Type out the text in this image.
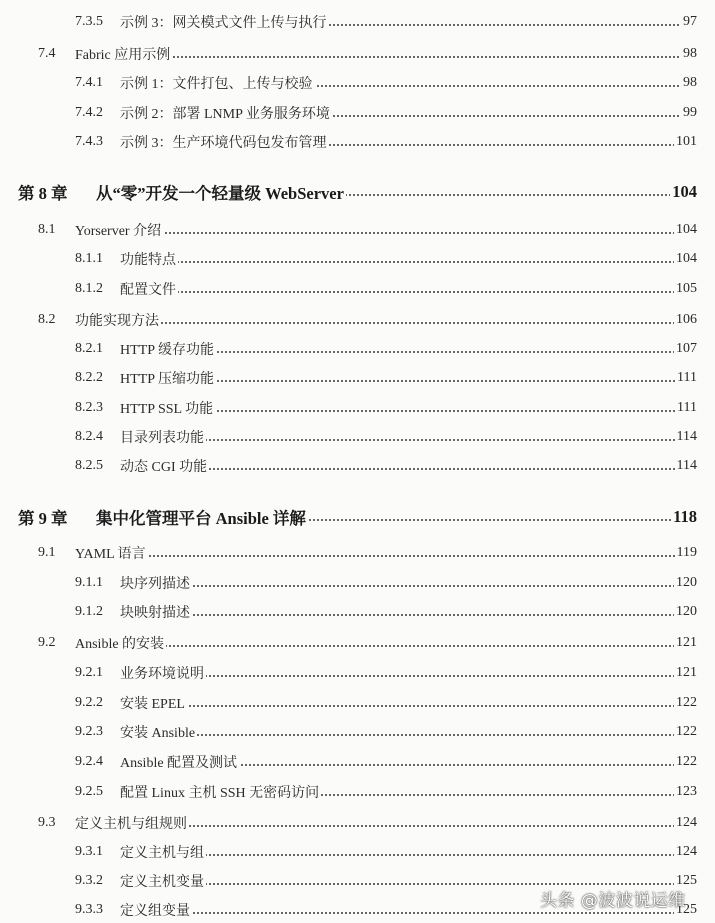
7.3.5 示例 3：网关模式文件上传与执行	97
7.4 Fabric 应用示例	98
7.4.1 示例 1：文件打包、上传与校验	98
7.4.2 示例 2：部署 LNMP 业务服务环境	99
7.4.3 示例 3：生产环境代码包发布管理	101
第 8 章 从“零”开发一个轻量级 WebServer	104
8.1 Yorserver 介绍	104
8.1.1 功能特点	104
8.1.2 配置文件	105
8.2 功能实现方法	106
8.2.1 HTTP 缓存功能	107
8.2.2 HTTP 压缩功能	111
8.2.3 HTTP SSL 功能	111
8.2.4 目录列表功能	114
8.2.5 动态 CGI 功能	114
第 9 章 集中化管理平台 Ansible 详解	118
9.1 YAML 语言	119
9.1.1 块序列描述	120
9.1.2 块映射描述	120
9.2 Ansible 的安装	121
9.2.1 业务环境说明	121
9.2.2 安装 EPEL	122
9.2.3 安装 Ansible	122
9.2.4 Ansible 配置及测试	122
9.2.5 配置 Linux 主机 SSH 无密码访问	123
9.3 定义主机与组规则	124
9.3.1 定义主机与组	124
9.3.2 定义主机变量	125
9.3.3 定义组变量	125
头条 @波波说运维
